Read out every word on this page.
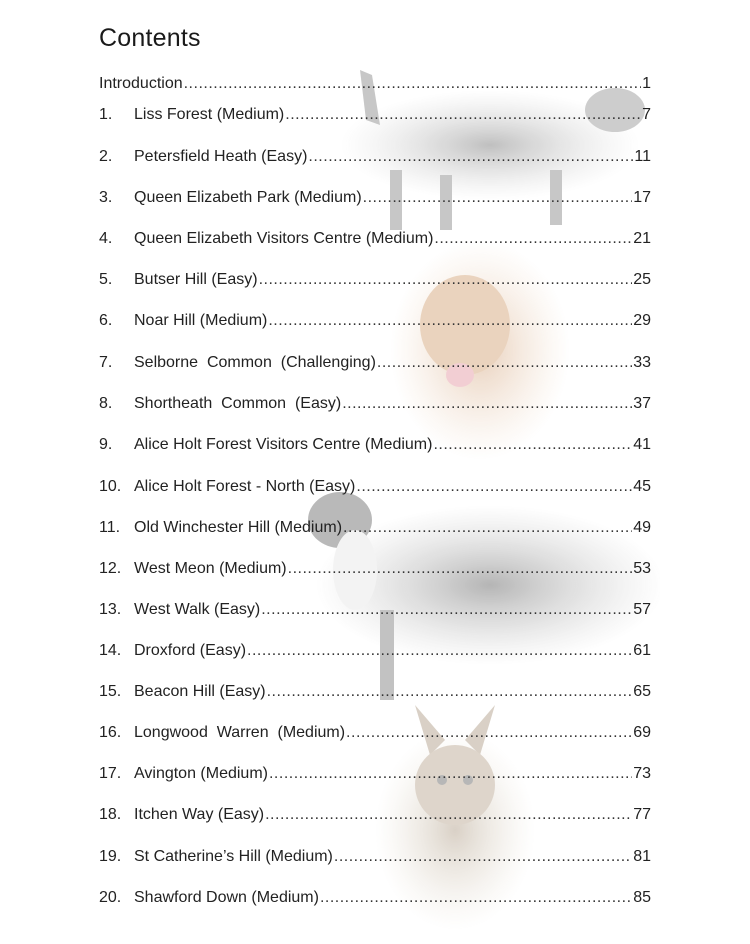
Contents
Introduction .....	1
1.	Liss Forest (Medium) .....	7
2.	Petersfield Heath (Easy) .....	11
3.	Queen Elizabeth Park (Medium) .....	17
4.	Queen Elizabeth Visitors Centre (Medium) .....	21
5.	Butser Hill (Easy) .....	25
6.	Noar Hill (Medium) .....	29
7.	Selborne  Common  (Challenging) .....	33
8.	Shortheath  Common  (Easy) .....	37
9.	Alice Holt Forest Visitors Centre (Medium) .....	41
10. Alice Holt Forest - North (Easy) .....	45
11. Old Winchester Hill (Medium) .....	49
12. West Meon (Medium) .....	53
13. West Walk (Easy) .....	57
14. Droxford (Easy) .....	61
15. Beacon Hill (Easy) .....	65
16. Longwood  Warren  (Medium) .....	69
17. Avington (Medium) .....	73
18. Itchen Way (Easy) .....	77
19. St Catherine’s Hill (Medium) .....	81
20. Shawford Down (Medium) .....	85
